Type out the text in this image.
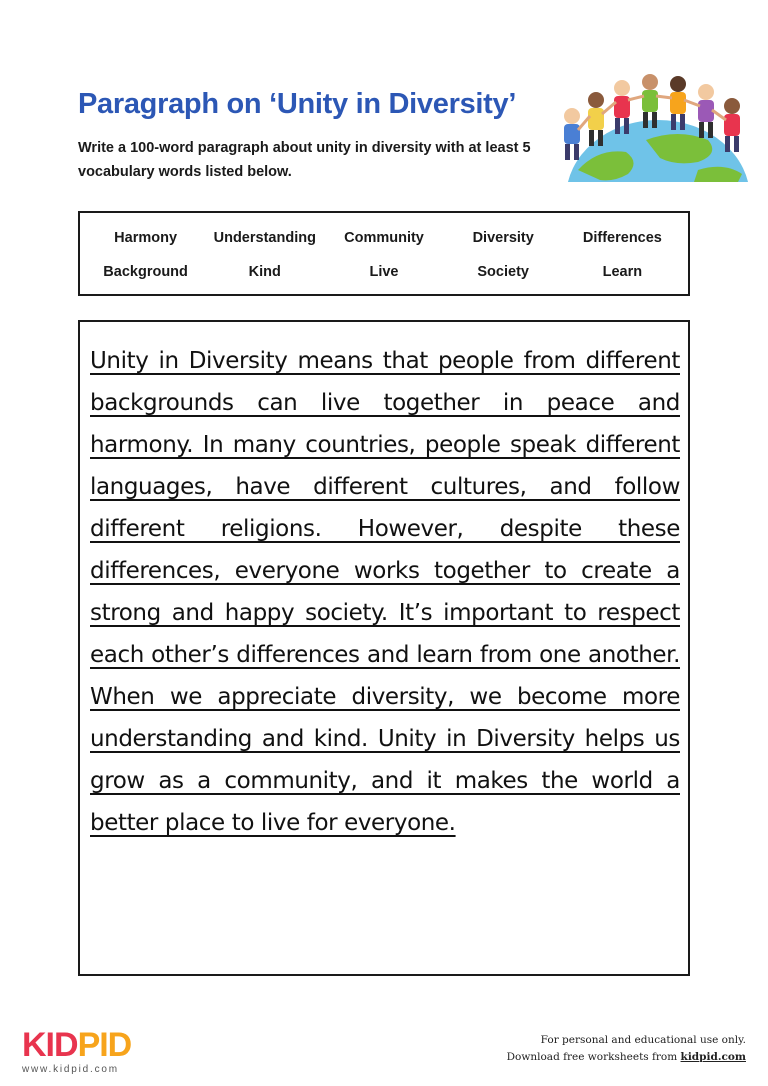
Paragraph on ‘Unity in Diversity’

Write a 100-word paragraph about unity in diversity with at least 5 vocabulary words listed below.

Harmony	Understanding	Community	Diversity	Differences
Background	Kind	Live	Society	Learn

Unity in Diversity means that people from different backgrounds can live together in peace and harmony. In many countries, people speak different languages, have different cultures, and follow different religions. However, despite these differences, everyone works together to create a strong and happy society. It’s important to respect each other’s differences and learn from one another. When we appreciate diversity, we become more understanding and kind. Unity in Diversity helps us grow as a community, and it makes the world a better place to live for everyone.

KID PID
www.kidpid.com
For personal and educational use only.
Download free worksheets from kidpid.com
